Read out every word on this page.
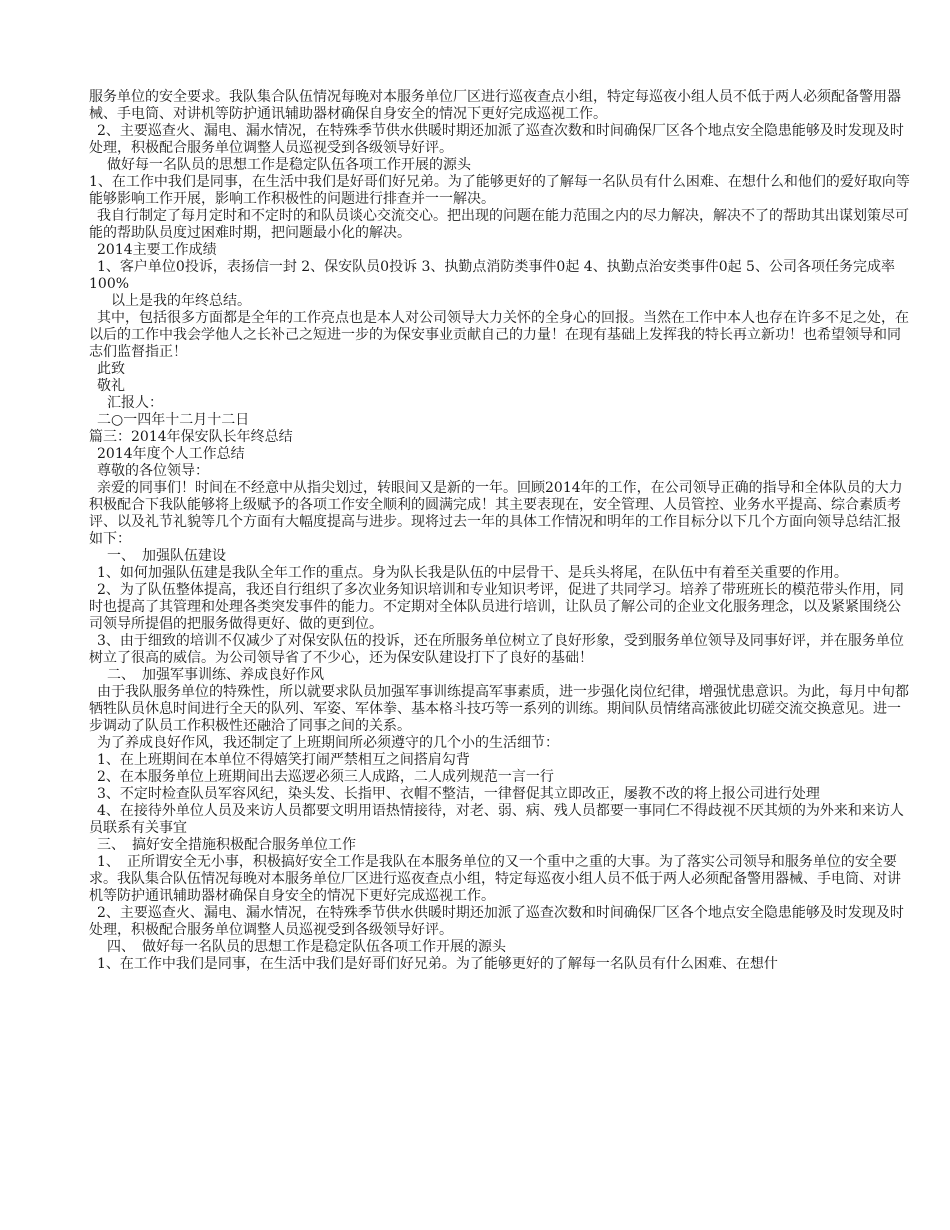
服务单位的安全要求。我队集合队伍情况每晚对本服务单位厂区进行巡夜查点小组，特定每巡夜小组人员不低于两人必须配备警用器械、手电筒、对讲机等防护通讯辅助器材确保自身安全的情况下更好完成巡视工作。

2、主要巡查火、漏电、漏水情况，在特殊季节供水供暖时期还加派了巡查次数和时间确保厂区各个地点安全隐患能够及时发现及时处理，积极配合服务单位调整人员巡视受到各级领导好评。

做好每一名队员的思想工作是稳定队伍各项工作开展的源头

1、在工作中我们是同事，在生活中我们是好哥们好兄弟。为了能够更好的了解每一名队员有什么困难、在想什么和他们的爱好取向等能够影响工作开展，影响工作积极性的问题进行排查并一一解决。

我自行制定了每月定时和不定时的和队员谈心交流交心。把出现的问题在能力范围之内的尽力解决，解决不了的帮助其出谋划策尽可能的帮助队员度过困难时期，把问题最小化的解决。

2014主要工作成绩

1、客户单位0投诉，表扬信一封 2、保安队员0投诉 3、执勤点消防类事件0起 4、执勤点治安类事件0起 5、公司各项任务完成率100%

以上是我的年终总结。

其中，包括很多方面都是全年的工作亮点也是本人对公司领导大力关怀的全身心的回报。当然在工作中本人也存在许多不足之处，在以后的工作中我会学他人之长补己之短进一步的为保安事业贡献自己的力量！在现有基础上发挥我的特长再立新功！也希望领导和同志们监督指正！

此致

敬礼

汇报人：

二○一四年十二月十二日

篇三：2014年保安队长年终总结

2014年度个人工作总结

尊敬的各位领导：

亲爱的同事们！时间在不经意中从指尖划过，转眼间又是新的一年。回顾2014年的工作，在公司领导正确的指导和全体队员的大力积极配合下我队能够将上级赋予的各项工作安全顺利的圆满完成！其主要表现在，安全管理、人员管控、业务水平提高、综合素质考评、以及礼节礼貌等几个方面有大幅度提高与进步。现将过去一年的具体工作情况和明年的工作目标分以下几个方面向领导总结汇报如下：

一、　加强队伍建设

1、如何加强队伍建是我队全年工作的重点。身为队长我是队伍的中层骨干、是兵头将尾，在队伍中有着至关重要的作用。

2、为了队伍整体提高，我还自行组织了多次业务知识培训和专业知识考评，促进了共同学习。培养了带班班长的模范带头作用，同时也提高了其管理和处理各类突发事件的能力。不定期对全体队员进行培训，让队员了解公司的企业文化服务理念，以及紧紧围绕公司领导所提倡的把服务做得更好、做的更到位。

3、由于细致的培训不仅减少了对保安队伍的投诉，还在所服务单位树立了良好形象，受到服务单位领导及同事好评，并在服务单位树立了很高的威信。为公司领导省了不少心，还为保安队建设打下了良好的基础！

二、　加强军事训练、养成良好作风

由于我队服务单位的特殊性，所以就要求队员加强军事训练提高军事素质，进一步强化岗位纪律，增强忧患意识。为此，每月中旬都牺牲队员休息时间进行全天的队列、军姿、军体拳、基本格斗技巧等一系列的训练。期间队员情绪高涨彼此切磋交流交换意见。进一步调动了队员工作积极性还融洽了同事之间的关系。

为了养成良好作风，我还制定了上班期间所必须遵守的几个小的生活细节：

1、在上班期间在本单位不得嬉笑打闹严禁相互之间搭肩勾背

2、在本服务单位上班期间出去巡逻必须三人成路，二人成列规范一言一行

3、不定时检查队员军容风纪，染头发、长指甲、衣帽不整洁，一律督促其立即改正，屡教不改的将上报公司进行处理

4、在接待外单位人员及来访人员都要文明用语热情接待，对老、弱、病、残人员都要一事同仁不得歧视不厌其烦的为外来和来访人员联系有关事宜

三、　搞好安全措施积极配合服务单位工作

1、　正所谓安全无小事，积极搞好安全工作是我队在本服务单位的又一个重中之重的大事。为了落实公司领导和服务单位的安全要求。我队集合队伍情况每晚对本服务单位厂区进行巡夜查点小组，特定每巡夜小组人员不低于两人必须配备警用器械、手电筒、对讲机等防护通讯辅助器材确保自身安全的情况下更好完成巡视工作。

2、主要巡查火、漏电、漏水情况，在特殊季节供水供暖时期还加派了巡查次数和时间确保厂区各个地点安全隐患能够及时发现及时处理，积极配合服务单位调整人员巡视受到各级领导好评。

四、　做好每一名队员的思想工作是稳定队伍各项工作开展的源头

1、在工作中我们是同事，在生活中我们是好哥们好兄弟。为了能够更好的了解每一名队员有什么困难、在想什
